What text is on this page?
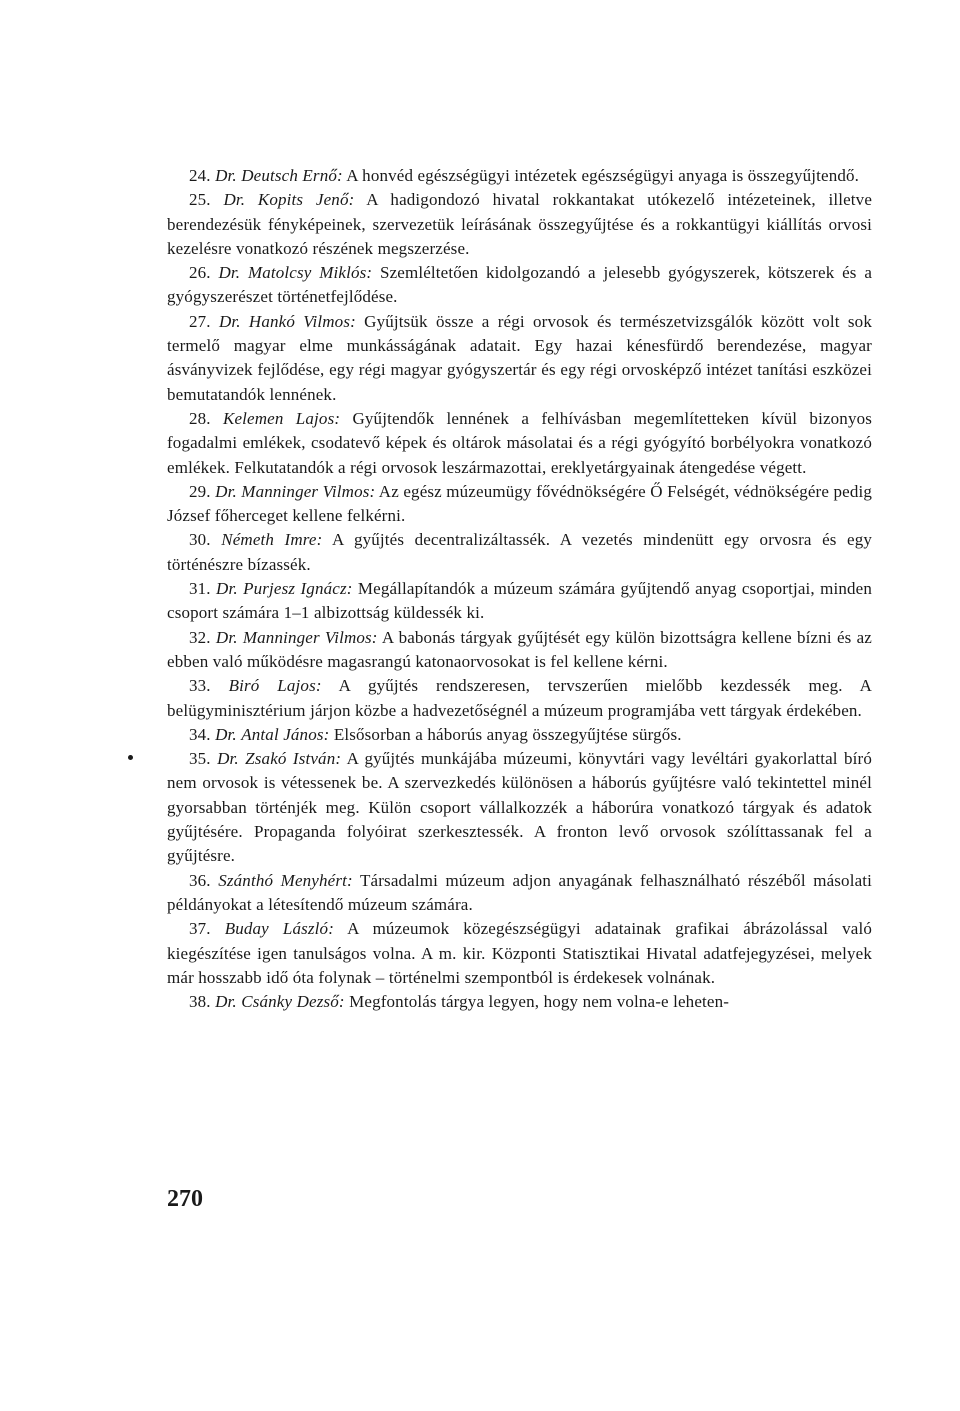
24. Dr. Deutsch Ernő: A honvéd egészségügyi intézetek egészségügyi anyaga is összegyűjtendő.

25. Dr. Kopits Jenő: A hadigondozó hivatal rokkantakat utókezelő intézeteinek, illetve berendezésük fényképeinek, szervezetük leírásának összegyűjtése és a rokkantügyi kiállítás orvosi kezelésre vonatkozó részének megszerzése.

26. Dr. Matolcsy Miklós: Szemléltetően kidolgozandó a jelesebb gyógyszerek, kötszerek és a gyógyszerészet történetfejlődése.

27. Dr. Hankó Vilmos: Gyűjtsük össze a régi orvosok és természetvizsgálók között volt sok termelő magyar elme munkásságának adatait. Egy hazai kénesfürdő berendezése, magyar ásványvizek fejlődése, egy régi magyar gyógyszertár és egy régi orvosképző intézet tanítási eszközei bemutatandók lennének.

28. Kelemen Lajos: Gyűjtendők lennének a felhívásban megemlítetteken kívül bizonyos fogadalmi emlékek, csodatevő képek és oltárok másolatai és a régi gyógyító borbélyokra vonatkozó emlékek. Felkutatandók a régi orvosok leszármazottai, ereklyetárgyainak átengedése végett.

29. Dr. Manninger Vilmos: Az egész múzeumügy fővédnökségére Ő Felségét, védnökségére pedig József főherceget kellene felkérni.

30. Németh Imre: A gyűjtés decentralizáltassék. A vezetés mindenütt egy orvosra és egy történészre bízassék.

31. Dr. Purjesz Ignácz: Megállapítandók a múzeum számára gyűjtendő anyag csoportjai, minden csoport számára 1–1 albizottság küldessék ki.

32. Dr. Manninger Vilmos: A babonás tárgyak gyűjtését egy külön bizottságra kellene bízni és az ebben való működésre magasrangú katonaorvosokat is fel kellene kérni.

33. Biró Lajos: A gyűjtés rendszeresen, tervszerűen mielőbb kezdessék meg. A belügyminisztérium járjon közbe a hadvezetőségnél a múzeum programjába vett tárgyak érdekében.

34. Dr. Antal János: Elsősorban a háborús anyag összegyűjtése sürgős.

35. Dr. Zsakó István: A gyűjtés munkájába múzeumi, könyvtári vagy levéltári gyakorlattal bíró nem orvosok is vétessenek be. A szervezkedés különösen a háborús gyűjtésre való tekintettel minél gyorsabban történjék meg. Külön csoport vállalkozzék a háborúra vonatkozó tárgyak és adatok gyűjtésére. Propaganda folyóirat szerkesztessék. A fronton levő orvosok szólíttassanak fel a gyűjtésre.

36. Szánthó Menyhért: Társadalmi múzeum adjon anyagának felhasználható részéből másolati példányokat a létesítendő múzeum számára.

37. Buday László: A múzeumok közegészségügyi adatainak grafikai ábrázolással való kiegészítése igen tanulságos volna. A m. kir. Központi Statisztikai Hivatal adatfejegyzései, melyek már hosszabb idő óta folynak – történelmi szempontból is érdekesek volnának.

38. Dr. Csánky Dezső: Megfontolás tárgya legyen, hogy nem volna-e leheten-

270
